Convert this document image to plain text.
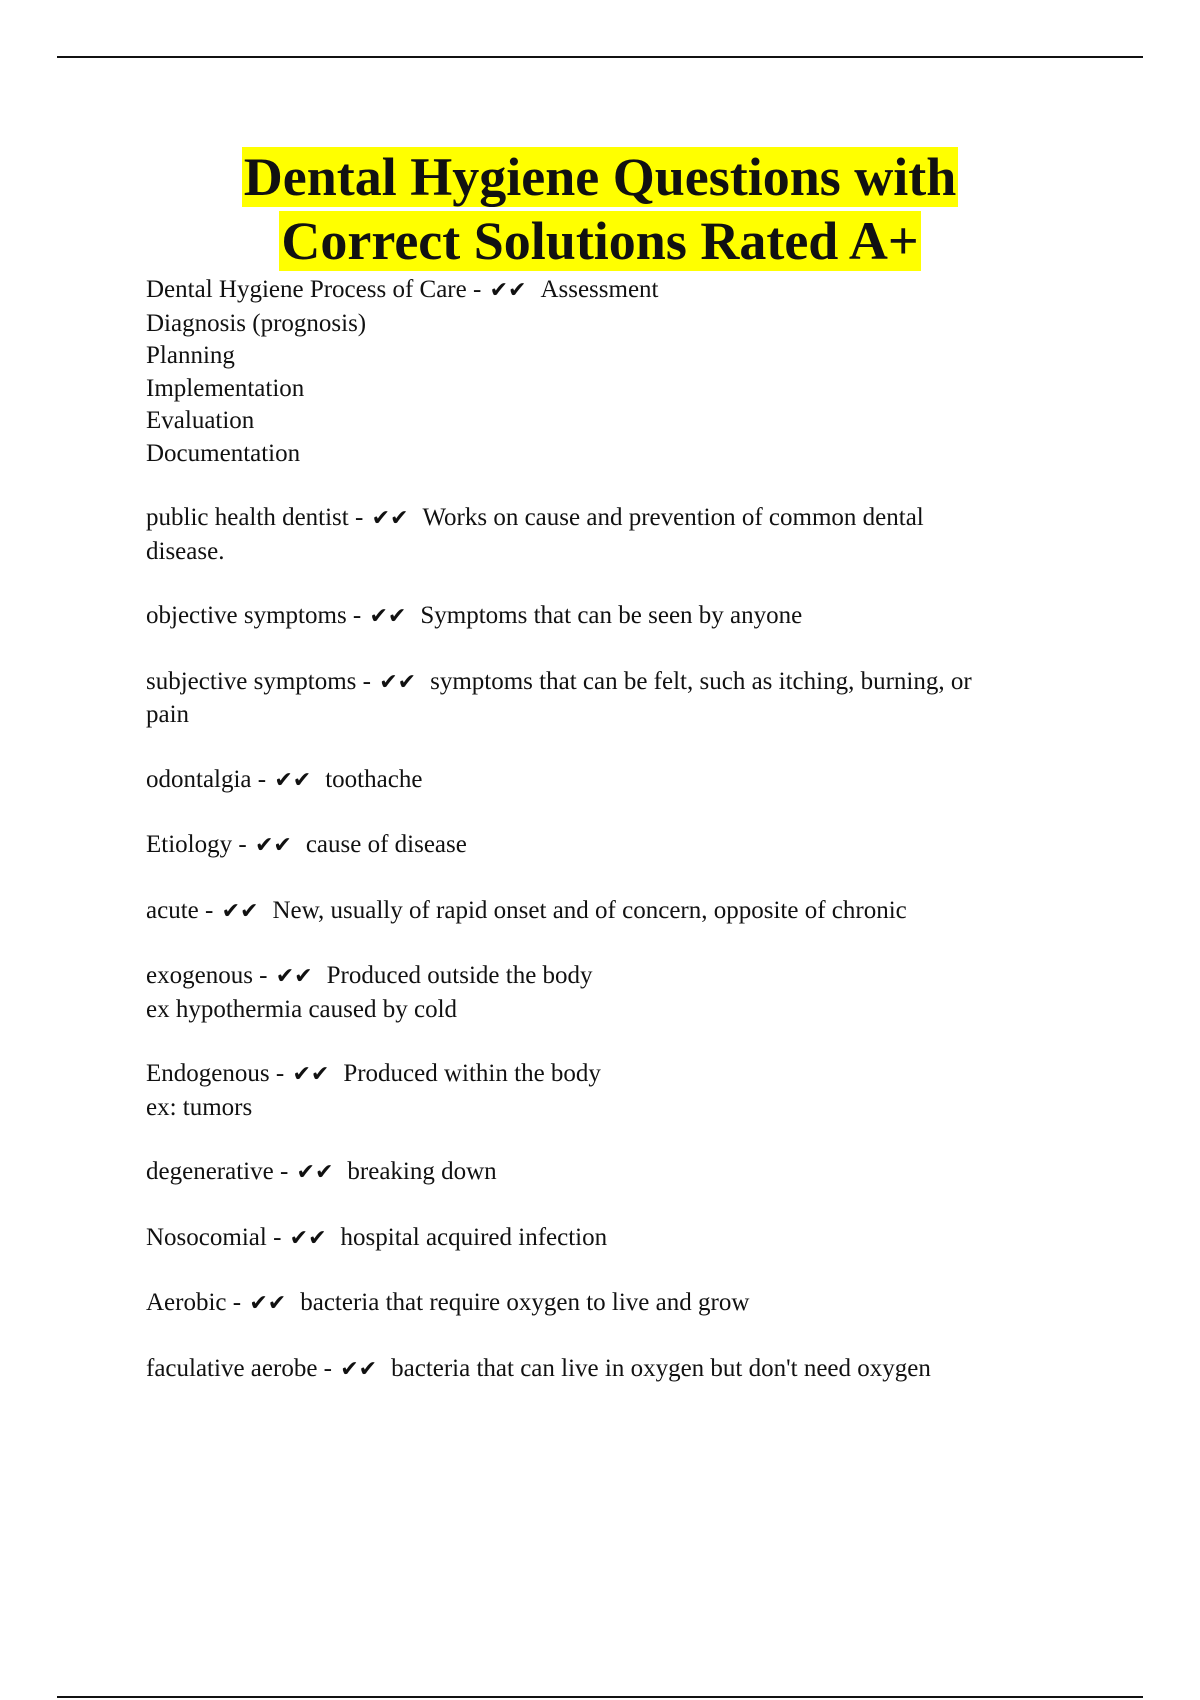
Dental Hygiene Questions with
Correct Solutions Rated A+
Dental Hygiene Process of Care - ✔✔ Assessment
Diagnosis (prognosis)
Planning
Implementation
Evaluation
Documentation
public health dentist - ✔✔ Works on cause and prevention of common dental
disease.
objective symptoms - ✔✔ Symptoms that can be seen by anyone
subjective symptoms - ✔✔ symptoms that can be felt, such as itching, burning, or
pain
odontalgia - ✔✔ toothache
Etiology - ✔✔ cause of disease
acute - ✔✔ New, usually of rapid onset and of concern, opposite of chronic
exogenous - ✔✔ Produced outside the body
ex hypothermia caused by cold
Endogenous - ✔✔ Produced within the body
ex: tumors
degenerative - ✔✔ breaking down
Nosocomial - ✔✔ hospital acquired infection
Aerobic - ✔✔ bacteria that require oxygen to live and grow
faculative aerobe - ✔✔ bacteria that can live in oxygen but don't need oxygen
